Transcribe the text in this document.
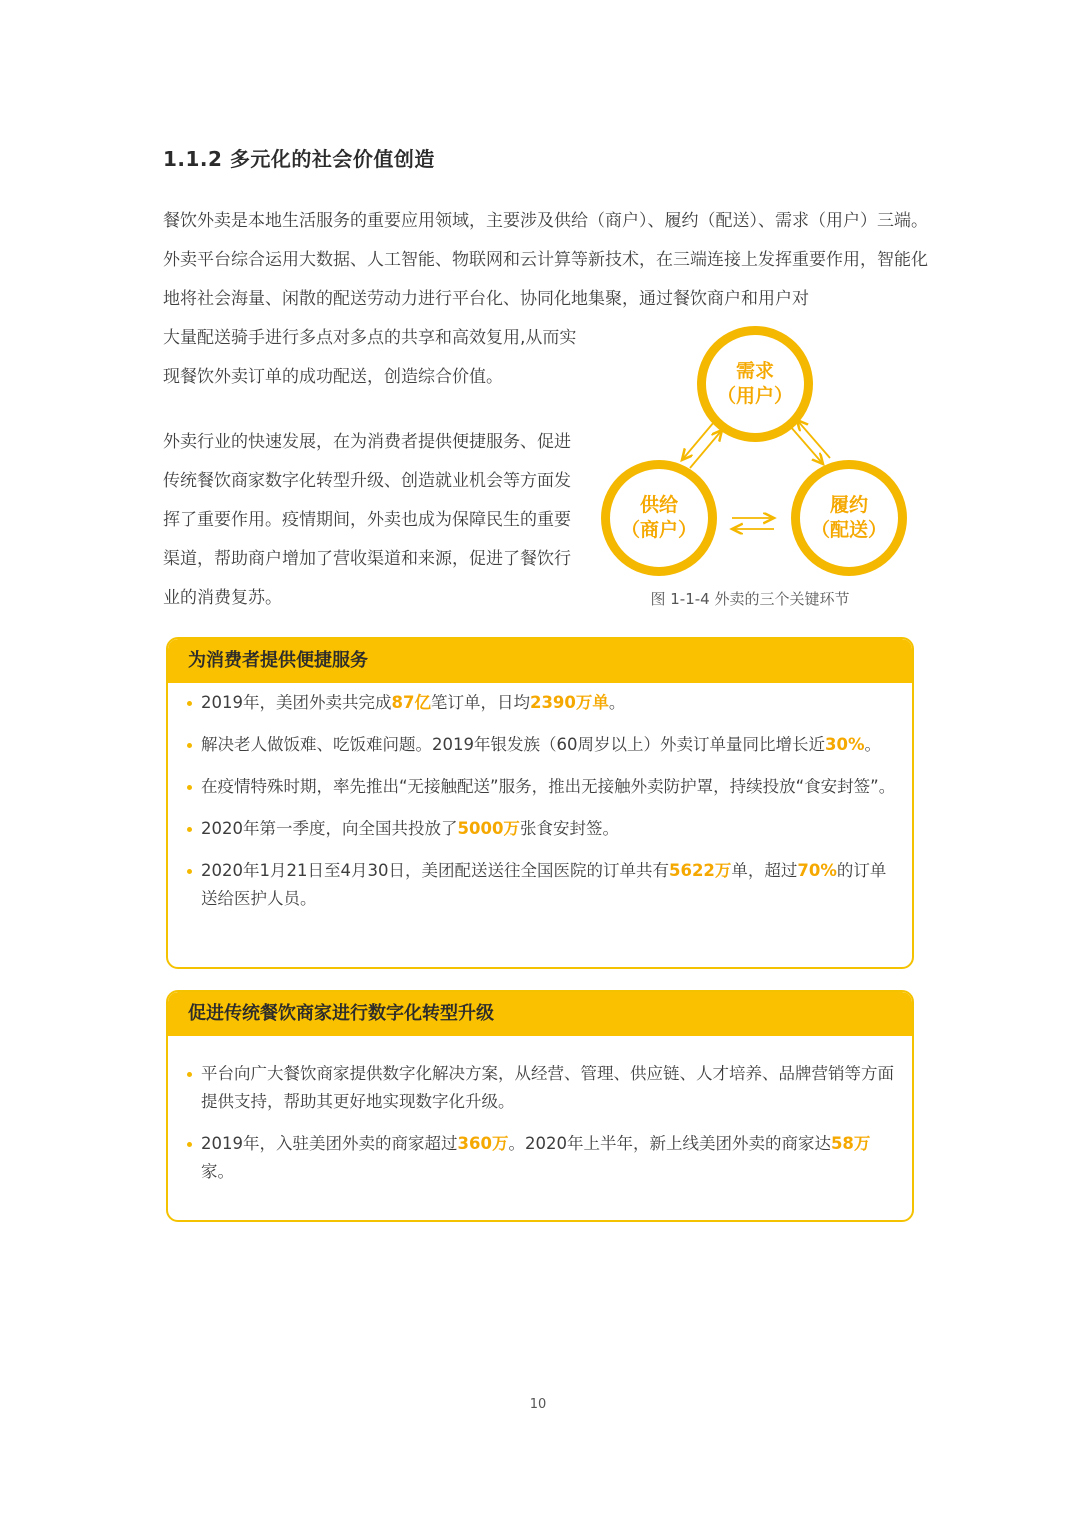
1.1.2 多元化的社会价值创造

餐饮外卖是本地生活服务的重要应用领域，主要涉及供给（商户）、履约（配送）、需求（用户）三端。外卖平台综合运用大数据、人工智能、物联网和云计算等新技术，在三端连接上发挥重要作用，智能化地将社会海量、闲散的配送劳动力进行平台化、协同化地集聚，通过餐饮商户和用户对

大量配送骑手进行多点对多点的共享和高效复用,从而实现餐饮外卖订单的成功配送，创造综合价值。

外卖行业的快速发展，在为消费者提供便捷服务、促进传统餐饮商家数字化转型升级、创造就业机会等方面发挥了重要作用。疫情期间，外卖也成为保障民生的重要渠道，帮助商户增加了营收渠道和来源，促进了餐饮行业的消费复苏。

需求
（用户）
供给
（商户）
履约
（配送）
图 1-1-4 外卖的三个关键环节
为消费者提供便捷服务
2019年，美团外卖共完成87亿笔订单，日均2390万单。
解决老人做饭难、吃饭难问题。2019年银发族（60周岁以上）外卖订单量同比增长近30%。
在疫情特殊时期，率先推出“无接触配送”服务，推出无接触外卖防护罩，持续投放“食安封签”。
2020年第一季度，向全国共投放了5000万张食安封签。
2020年1月21日至4月30日，美团配送送往全国医院的订单共有5622万单，超过70%的订单送给医护人员。
促进传统餐饮商家进行数字化转型升级
平台向广大餐饮商家提供数字化解决方案，从经营、管理、供应链、人才培养、品牌营销等方面提供支持，帮助其更好地实现数字化升级。
2019年，入驻美团外卖的商家超过360万。2020年上半年，新上线美团外卖的商家达58万家。
10
